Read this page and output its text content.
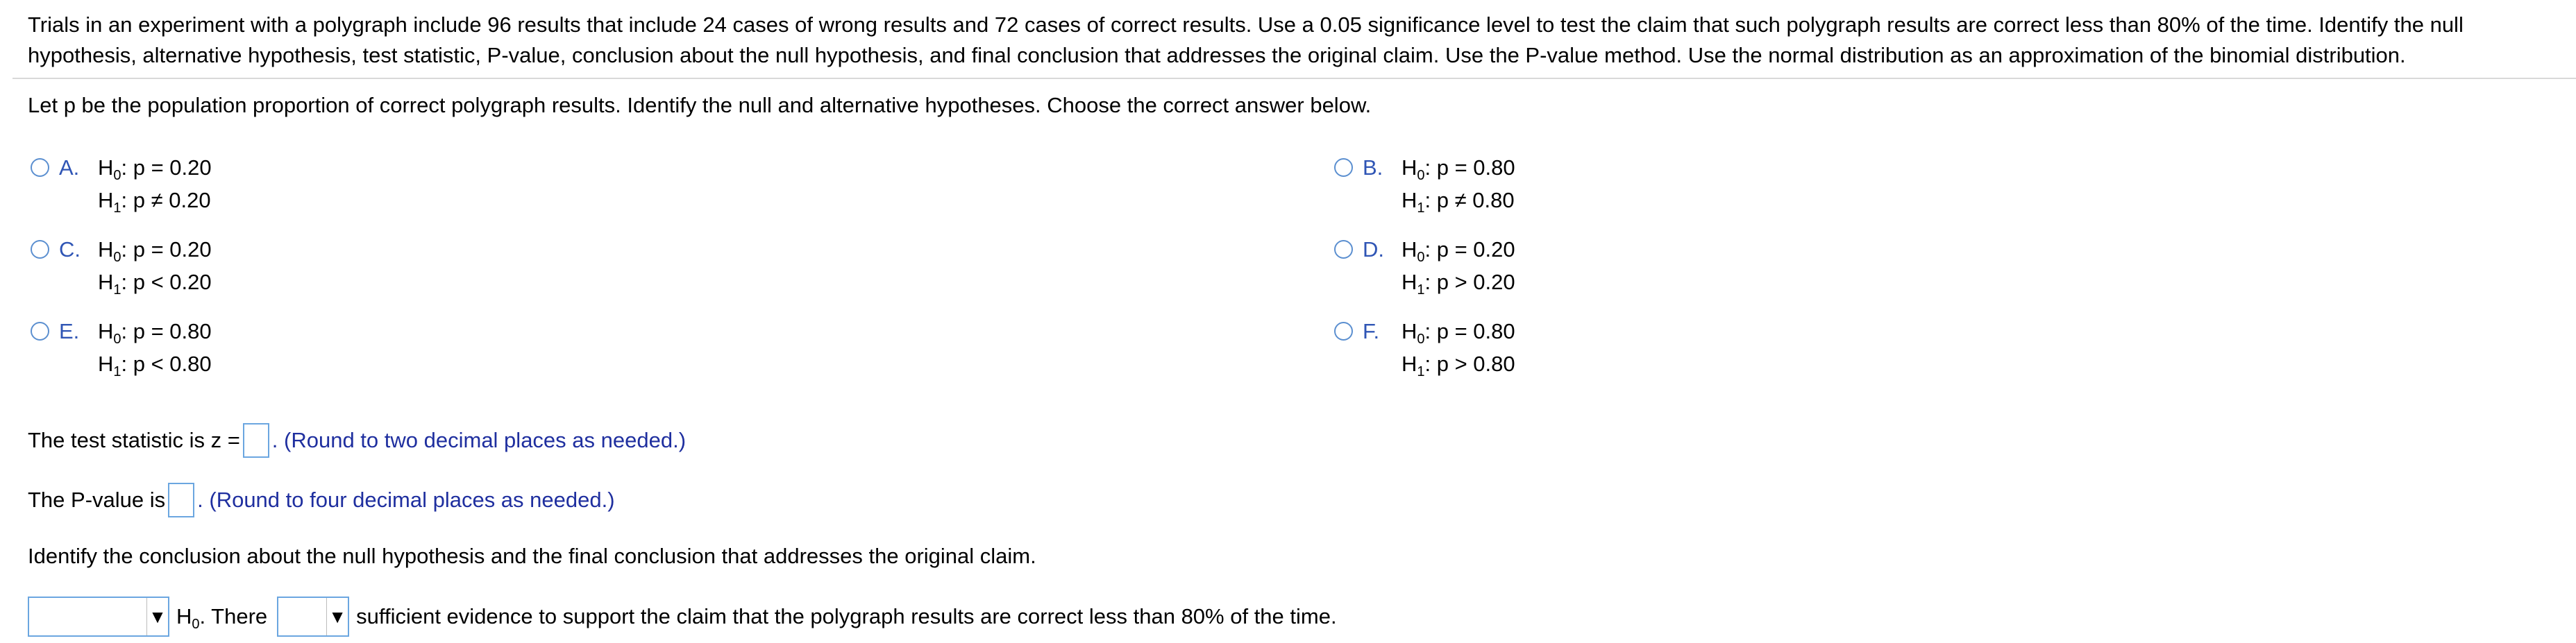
Trials in an experiment with a polygraph include 96 results that include 24 cases of wrong results and 72 cases of correct results. Use a 0.05 significance level to test the claim that such polygraph results are correct less than 80% of the time. Identify the null
hypothesis, alternative hypothesis, test statistic, P-value, conclusion about the null hypothesis, and final conclusion that addresses the original claim. Use the P-value method. Use the normal distribution as an approximation of the binomial distribution.
Let p be the population proportion of correct polygraph results. Identify the null and alternative hypotheses. Choose the correct answer below.
A. $H_0$: p = 0.20
$H_1$: p ≠ 0.20
B. $H_0$: p = 0.80
$H_1$: p ≠ 0.80
C. $H_0$: p = 0.20
$H_1$: p < 0.20
D. $H_0$: p = 0.20
$H_1$: p > 0.20
E. $H_0$: p = 0.80
$H_1$: p < 0.80
F.	$H_0$: p = 0.80
$H_1$: p > 0.80
The test statistic is z = . (Round to two decimal places as needed.)
The P-value is . (Round to four decimal places as needed.)
Identify the conclusion about the null hypothesis and the final conclusion that addresses the original claim.
▼ $H_0$ . There	▼ sufficient evidence to support the claim that the polygraph results are correct less than 80% of the time.
